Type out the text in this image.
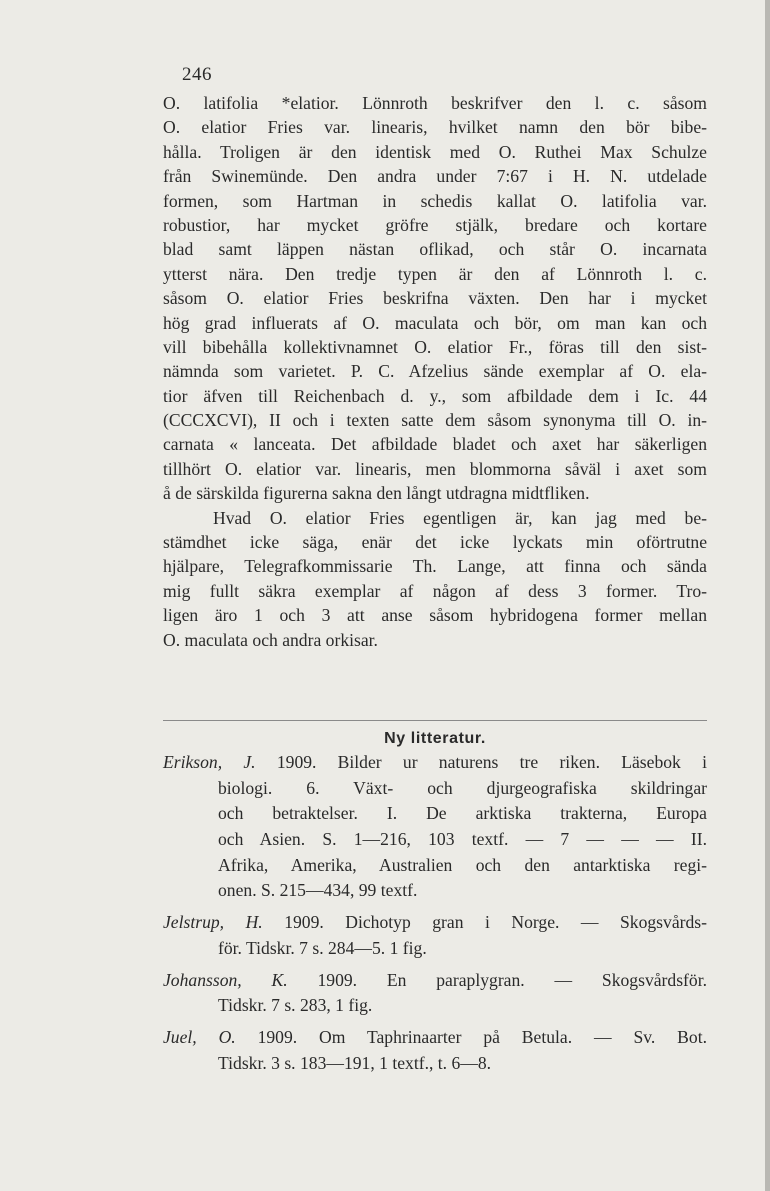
246
O. latifolia *elatior. Lönnroth beskrifver den l. c. såsom
O. elatior Fries var. linearis, hvilket namn den bör bibe-
hålla. Troligen är den identisk med O. Ruthei Max Schulze
från Swinemünde. Den andra under 7:67 i H. N. utdelade
formen, som Hartman in schedis kallat O. latifolia var.
robustior, har mycket gröfre stjälk, bredare och kortare
blad samt läppen nästan oflikad, och står O. incarnata
ytterst nära. Den tredje typen är den af Lönnroth l. c.
såsom O. elatior Fries beskrifna växten. Den har i mycket
hög grad influerats af O. maculata och bör, om man kan och
vill bibehålla kollektivnamnet O. elatior Fr., föras till den sist-
nämnda som varietet. P. C. Afzelius sände exemplar af O. ela-
tior äfven till Reichenbach d. y., som afbildade dem i Ic. 44
(CCCXCVI), II och i texten satte dem såsom synonyma till O. in-
carnata « lanceata. Det afbildade bladet och axet har säkerligen
tillhört O. elatior var. linearis, men blommorna såväl i axet som
å de särskilda figurerna sakna den långt utdragna midtfliken.
Hvad O. elatior Fries egentligen är, kan jag med be-
stämdhet icke säga, enär det icke lyckats min oförtrutne
hjälpare, Telegrafkommissarie Th. Lange, att finna och sända
mig fullt säkra exemplar af någon af dess 3 former. Tro-
ligen äro 1 och 3 att anse såsom hybridogena former mellan
O. maculata och andra orkisar.
Ny litteratur.
Erikson, J. 1909. Bilder ur naturens tre riken. Läsebok i
biologi. 6. Växt- och djurgeografiska skildringar
och betraktelser. I. De arktiska trakterna, Europa
och Asien. S. 1—216, 103 textf. — 7 — — — II.
Afrika, Amerika, Australien och den antarktiska regi-
onen. S. 215—434, 99 textf.
Jelstrup, H. 1909. Dichotyp gran i Norge. — Skogsvårds-
för. Tidskr. 7 s. 284—5. 1 fig.
Johansson, K. 1909. En paraplygran. — Skogsvårdsför.
Tidskr. 7 s. 283, 1 fig.
Juel, O. 1909. Om Taphrinaarter på Betula. — Sv. Bot.
Tidskr. 3 s. 183—191, 1 textf., t. 6—8.
